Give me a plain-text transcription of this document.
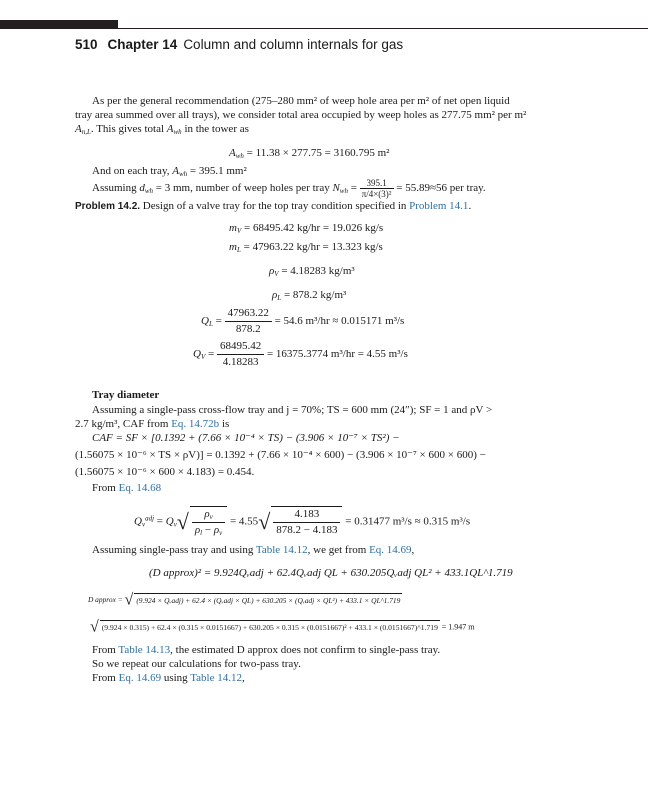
510 Chapter 14 Column and column internals for gas
As per the general recommendation (275–280 mm² of weep hole area per m² of net open liquid
tray area summed over all trays), we consider total area occupied by weep holes as 277.75 mm² per m²
$A_{n,L}$. This gives total $A_{wh}$ in the tower as
$A_{wh} = 11.38 \times 277.75 = 3160.795$ m²
And on each tray, $A_{wh} = 395.1$ mm²
Assuming $d_{wh} = 3$ mm, number of weep holes per tray $N_{wh} = \frac{395.1}{\text{π/4×(3)²}} = 55.89\approx 56$ per tray.
Problem 14.2. Design of a valve tray for the top tray condition specified in Problem 14.1.
$m_V = 68495.42$ kg/hr = 19.026 kg/s
$m_L = 47963.22$ kg/hr = 13.323 kg/s
$\rho_V = 4.18283$ kg/m³
$\rho_L = 878.2$ kg/m³
$Q_L = \frac{47963.22}{878.2} = 54.6$ m³/hr ≈ 0.015171 m³/s
$Q_V = \frac{68495.42}{4.18283} = 16375.3774$ m³/hr = 4.55 m³/s
Tray diameter
Assuming a single-pass cross-flow tray and j = 70%; TS = 600 mm (24″); SF = 1 and ρV >
2.7 kg/m³, CAF from Eq. 14.72b is
CAF = SF × [0.1392 + (7.66 × 10⁻⁴ × TS) − (3.906 × 10⁻⁷ × TS²) −
(1.56075 × 10⁻⁶ × TS × ρV)] = 0.1392 + (7.66 × 10⁻⁴ × 600) − (3.906 × 10⁻⁷ × 600 × 600) −
(1.56075 × 10⁻⁶ × 600 × 4.183) = 0.454.
From Eq. 14.68
$Q_v^{adj} = Q_v√ \frac{\rho_v}{\rho_l - \rho_v} = 4.55√ \frac{4.183}{878.2 - 4.183} = 0.31477$ m³/s ≈ 0.315 m³/s
Assuming single-pass tray and using Table 14.12, we get from Eq. 14.69,
(D approx)² = 9.924Qᵥadj + 62.4Qᵥadj QL + 630.205Qᵥadj QL² + 433.1QL^1.719
D approx = √ (9.924 × Qᵥadj) + 62.4 × (Qᵥadj × QL) + 630.205 × (Qᵥadj × QL²) + 433.1 × QL^1.719
√ (9.924 × 0.315) + 62.4 × (0.315 × 0.0151667) + 630.205 × 0.315 × (0.0151667)² + 433.1 × (0.0151667)^1.719 = 1.947 m
From Table 14.13, the estimated D approx does not confirm to single-pass tray.
So we repeat our calculations for two-pass tray.
From Eq. 14.69 using Table 14.12,
